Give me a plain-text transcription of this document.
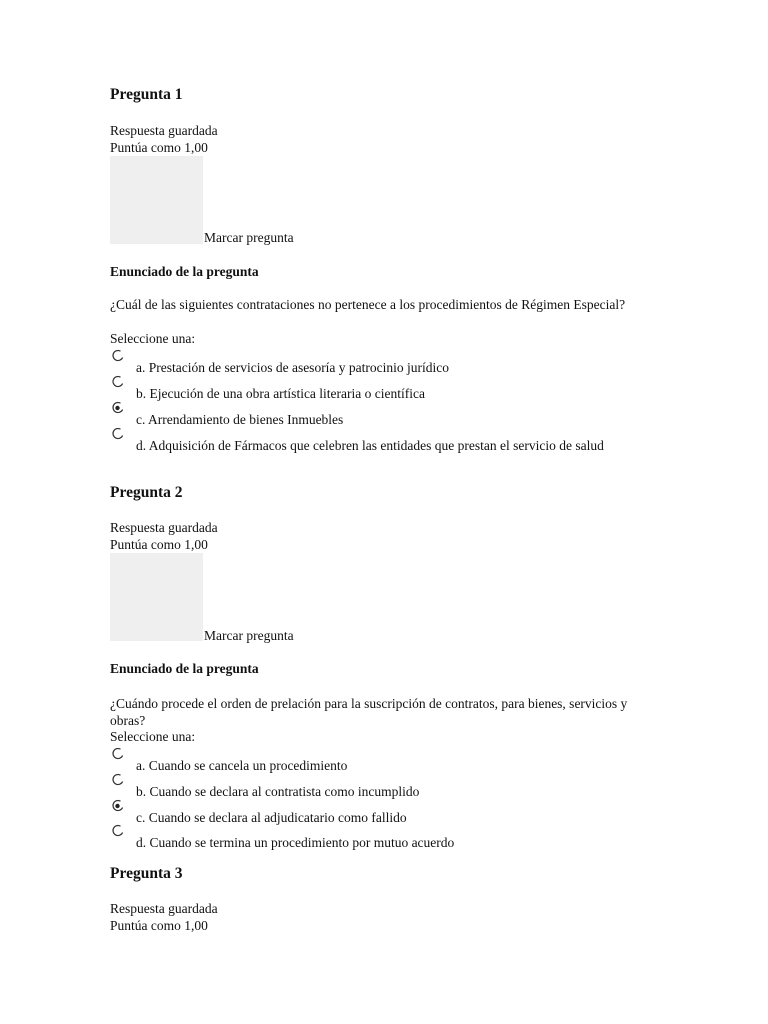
Pregunta 1
Respuesta guardada
Puntúa como 1,00
Marcar pregunta
Enunciado de la pregunta
¿Cuál de las siguientes contrataciones no pertenece a los procedimientos de Régimen Especial?
Seleccione una:
a. Prestación de servicios de asesoría y patrocinio jurídico
b. Ejecución de una obra artística literaria o científica
c. Arrendamiento de bienes Inmuebles
d. Adquisición de Fármacos que celebren las entidades que prestan el servicio de salud
Pregunta 2
Respuesta guardada
Puntúa como 1,00
Marcar pregunta
Enunciado de la pregunta
¿Cuándo procede el orden de prelación para la suscripción de contratos, para bienes, servicios y obras?
Seleccione una:
a. Cuando se cancela un procedimiento
b. Cuando se declara al contratista como incumplido
c. Cuando se declara al adjudicatario como fallido
d. Cuando se termina un procedimiento por mutuo acuerdo
Pregunta 3
Respuesta guardada
Puntúa como 1,00
